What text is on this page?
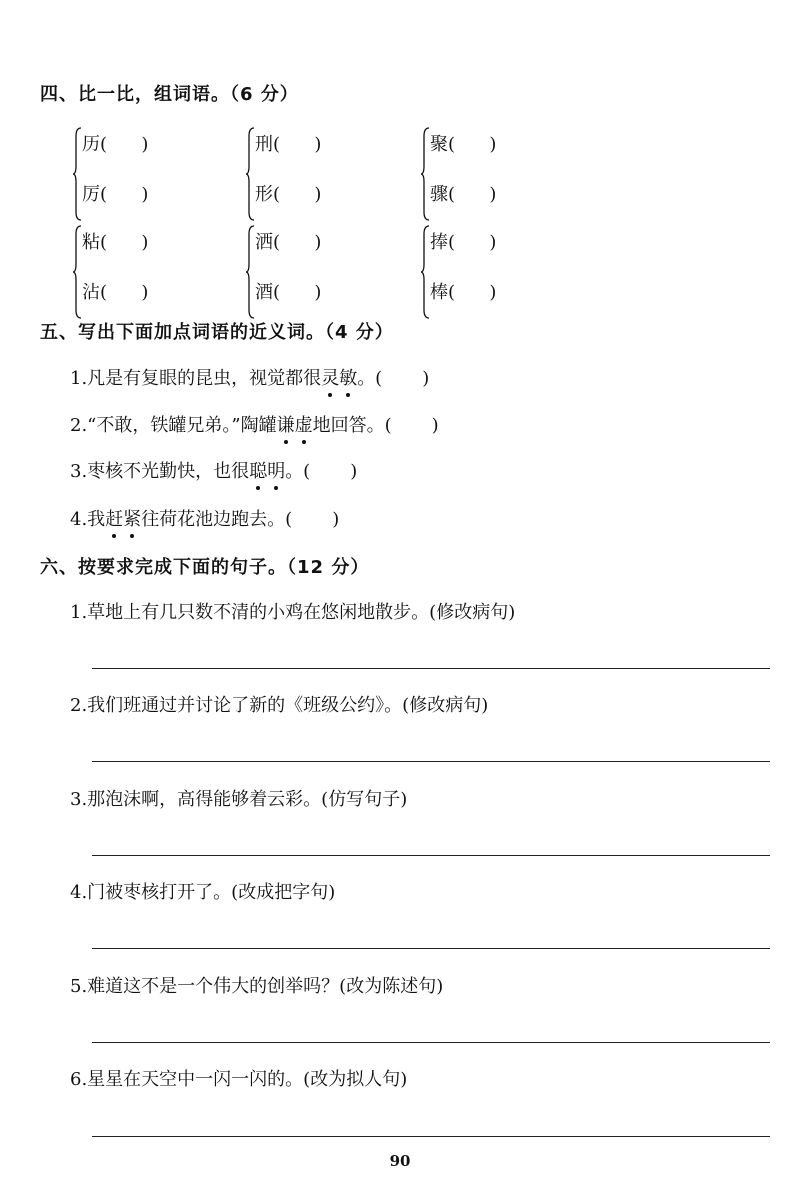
四、比一比，组词语。（6 分）
历(      )
厉(      )
刑(      )
形(      )
聚(      )
骤(      )
粘(      )
沾(      )
洒(      )
酒(      )
捧(      )
棒(      )
五、写出下面加点词语的近义词。（4 分）
1.凡是有复眼的昆虫，视觉都很灵敏。(       )
2.“不敢，铁罐兄弟。”陶罐谦虚地回答。(       )
3.枣核不光勤快，也很聪明。(       )
4.我赶紧往荷花池边跑去。(       )
六、按要求完成下面的句子。（12 分）
1.草地上有几只数不清的小鸡在悠闲地散步。(修改病句)
2.我们班通过并讨论了新的《班级公约》。(修改病句)
3.那泡沫啊，高得能够着云彩。(仿写句子)
4.门被枣核打开了。(改成把字句)
5.难道这不是一个伟大的创举吗？(改为陈述句)
6.星星在天空中一闪一闪的。(改为拟人句)
90
